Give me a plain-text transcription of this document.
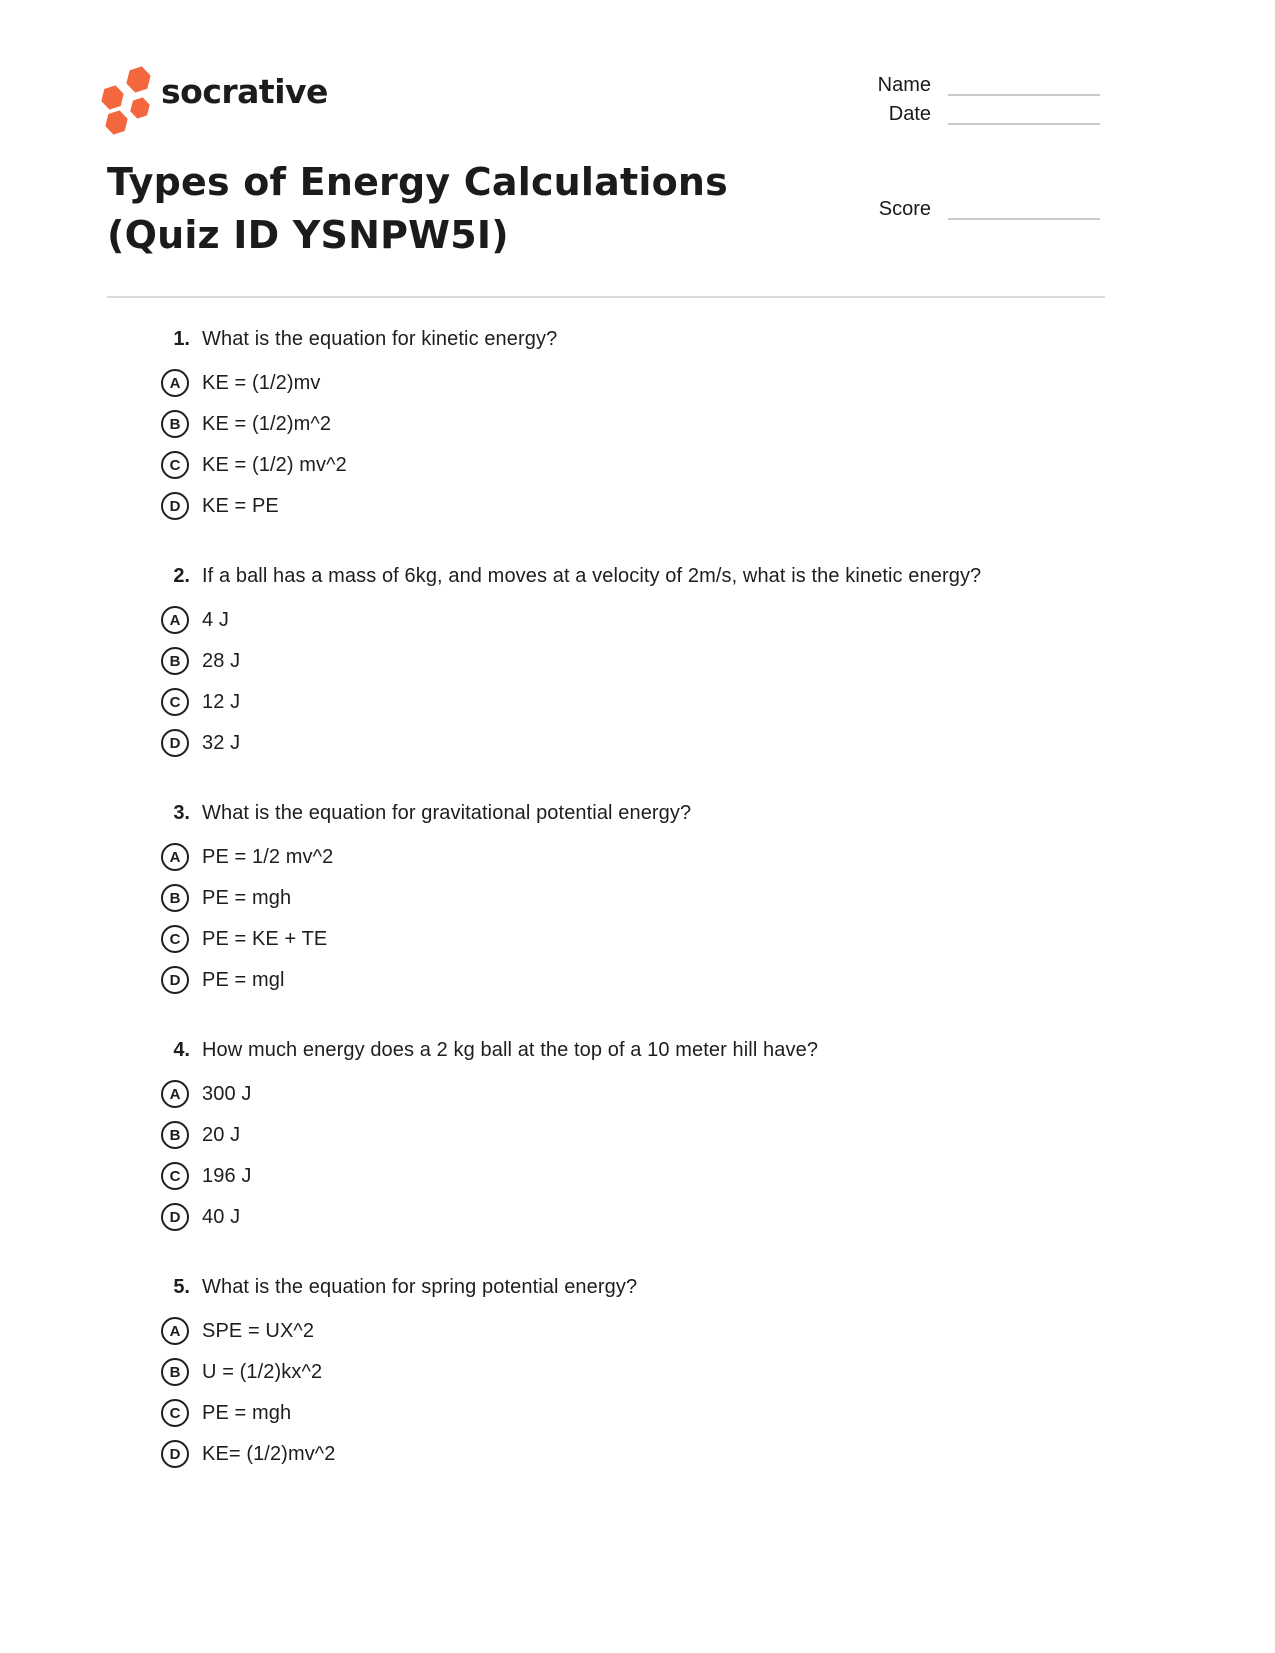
socrative	Name
Date
Score
Types of Energy Calculations
(Quiz ID YSNPW5I)
1. What is the equation for kinetic energy?
A	KE = (1/2)mv
B	KE = (1/2)m^2
C	KE = (1/2) mv^2
D	KE = PE
2. If a ball has a mass of 6kg, and moves at a velocity of 2m/s, what is the kinetic energy?
A	4 J
B	28 J
C	12 J
D	32 J
3. What is the equation for gravitational potential energy?
A	PE = 1/2 mv^2
B	PE = mgh
C	PE = KE + TE
D	PE = mgl
4. How much energy does a 2 kg ball at the top of a 10 meter hill have?
A	300 J
B	20 J
C	196 J
D	40 J
5. What is the equation for spring potential energy?
A	SPE = UX^2
B	U = (1/2)kx^2
C	PE = mgh
D	KE= (1/2)mv^2
